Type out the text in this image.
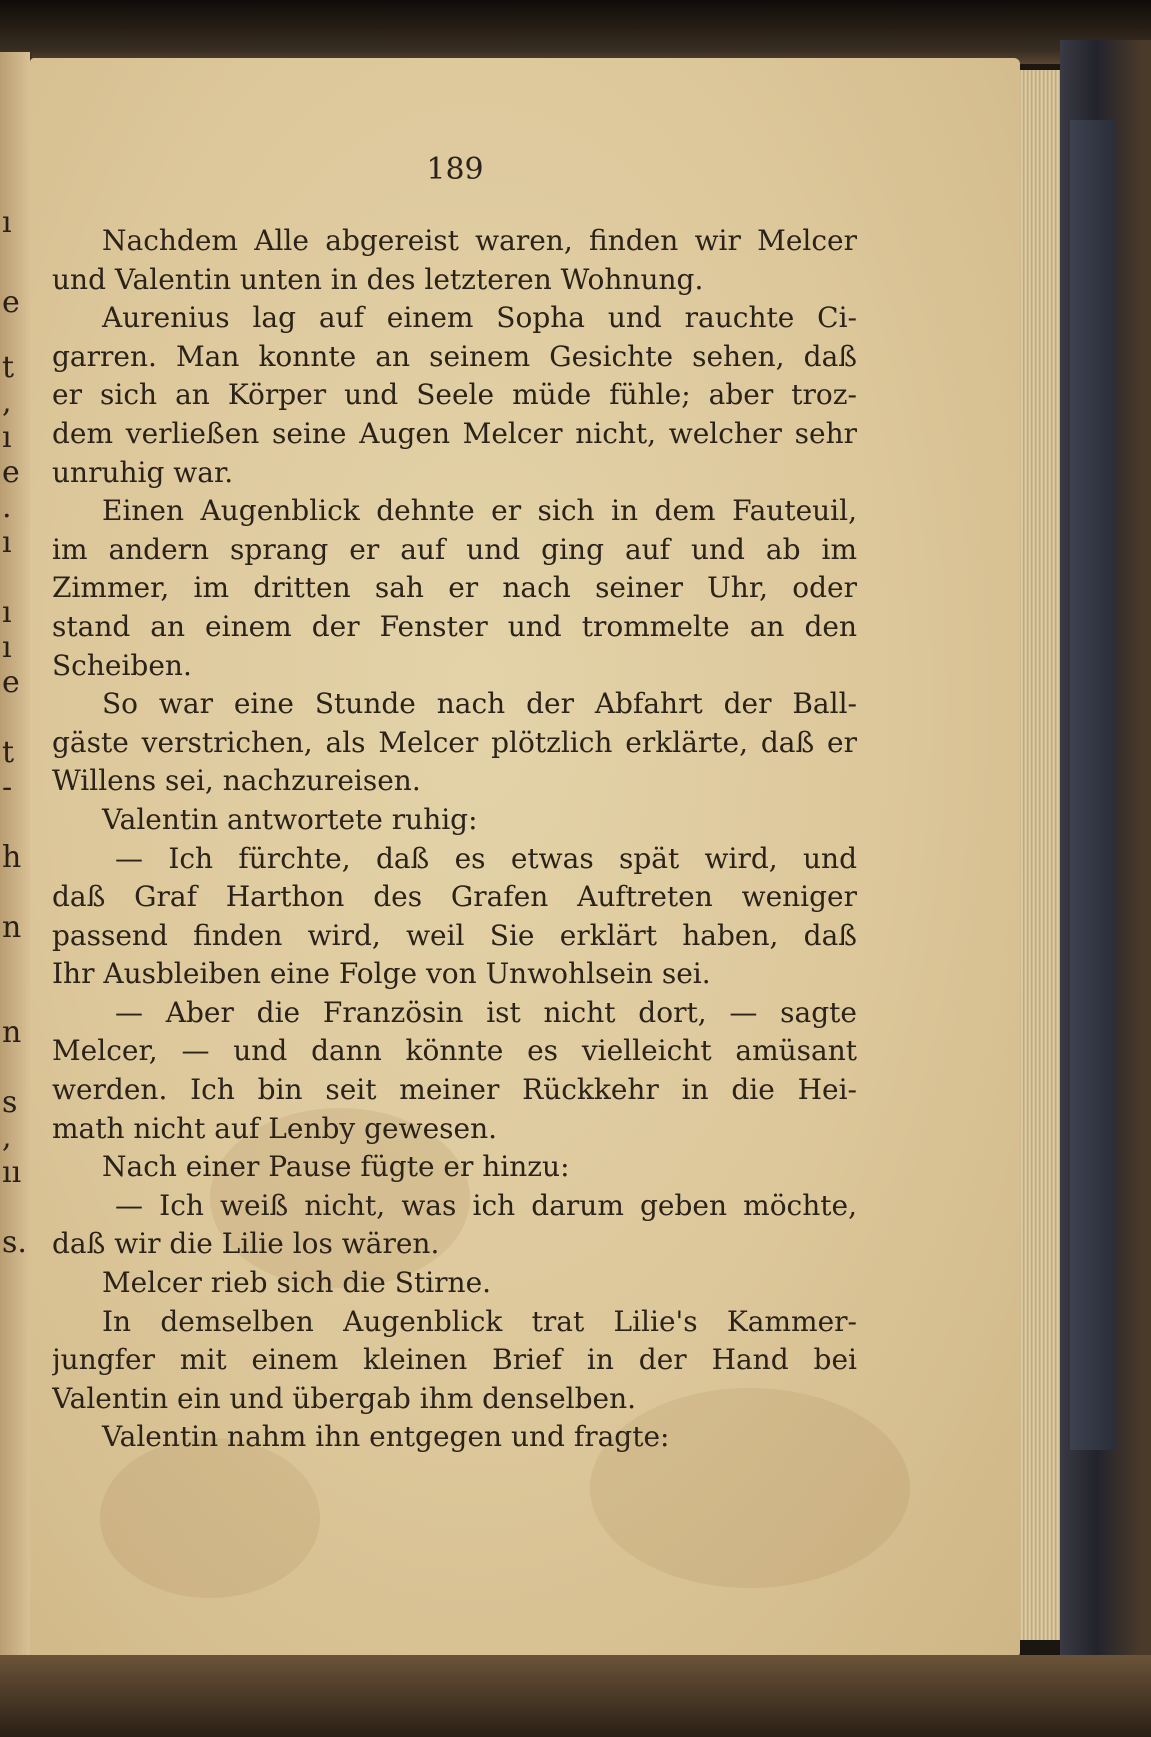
ı
e
t
,
ı
e
.
ı
ı
ı
e
t
-
h
n
n
s
,
ıı
s.
189
Nachdem Alle abgereist waren, finden wir Melcer
und Valentin unten in des letzteren Wohnung.
Aurenius lag auf einem Sopha und rauchte Ci-
garren. Man konnte an seinem Gesichte sehen, daß
er sich an Körper und Seele müde fühle; aber troz-
dem verließen seine Augen Melcer nicht, welcher sehr
unruhig war.
Einen Augenblick dehnte er sich in dem Fauteuil,
im andern sprang er auf und ging auf und ab im
Zimmer, im dritten sah er nach seiner Uhr, oder
stand an einem der Fenster und trommelte an den
Scheiben.
So war eine Stunde nach der Abfahrt der Ball-
gäste verstrichen, als Melcer plötzlich erklärte, daß er
Willens sei, nachzureisen.
Valentin antwortete ruhig:
— Ich fürchte, daß es etwas spät wird, und
daß Graf Harthon des Grafen Auftreten weniger
passend finden wird, weil Sie erklärt haben, daß
Ihr Ausbleiben eine Folge von Unwohlsein sei.
— Aber die Französin ist nicht dort, — sagte
Melcer, — und dann könnte es vielleicht amüsant
werden. Ich bin seit meiner Rückkehr in die Hei-
math nicht auf Lenby gewesen.
Nach einer Pause fügte er hinzu:
— Ich weiß nicht, was ich darum geben möchte,
daß wir die Lilie los wären.
Melcer rieb sich die Stirne.
In demselben Augenblick trat Lilie's Kammer-
jungfer mit einem kleinen Brief in der Hand bei
Valentin ein und übergab ihm denselben.
Valentin nahm ihn entgegen und fragte:
